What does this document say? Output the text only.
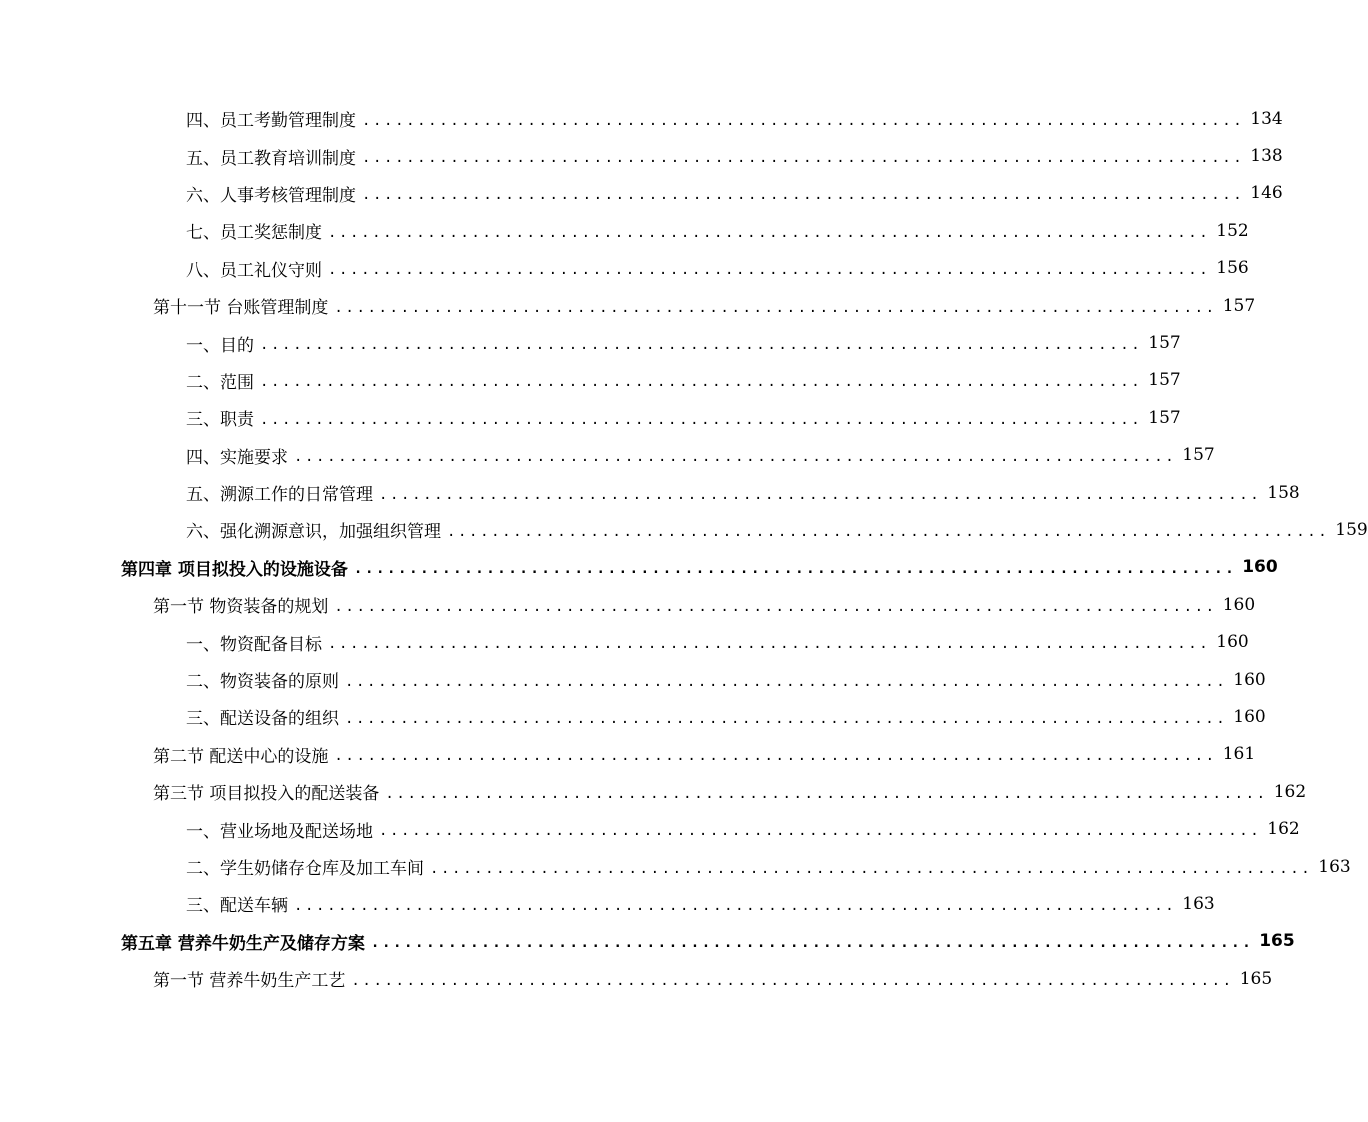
四、员工考勤管理制度 ................................................................................ 134
五、员工教育培训制度 ................................................................................ 138
六、人事考核管理制度 ................................................................................ 146
七、员工奖惩制度 ................................................................................ 152
八、员工礼仪守则 ................................................................................ 156
第十一节 台账管理制度 ................................................................................ 157
一、目的 ................................................................................ 157
二、范围 ................................................................................ 157
三、职责 ................................................................................ 157
四、实施要求 ................................................................................ 157
五、溯源工作的日常管理 ................................................................................ 158
六、强化溯源意识，加强组织管理 ................................................................................ 159
第四章 项目拟投入的设施设备 ................................................................................ 160
第一节 物资装备的规划 ................................................................................ 160
一、物资配备目标 ................................................................................ 160
二、物资装备的原则 ................................................................................ 160
三、配送设备的组织 ................................................................................ 160
第二节 配送中心的设施 ................................................................................ 161
第三节 项目拟投入的配送装备 ................................................................................ 162
一、营业场地及配送场地 ................................................................................ 162
二、学生奶储存仓库及加工车间 ................................................................................ 163
三、配送车辆 ................................................................................ 163
第五章 营养牛奶生产及储存方案 ................................................................................ 165
第一节 营养牛奶生产工艺 ................................................................................ 165
